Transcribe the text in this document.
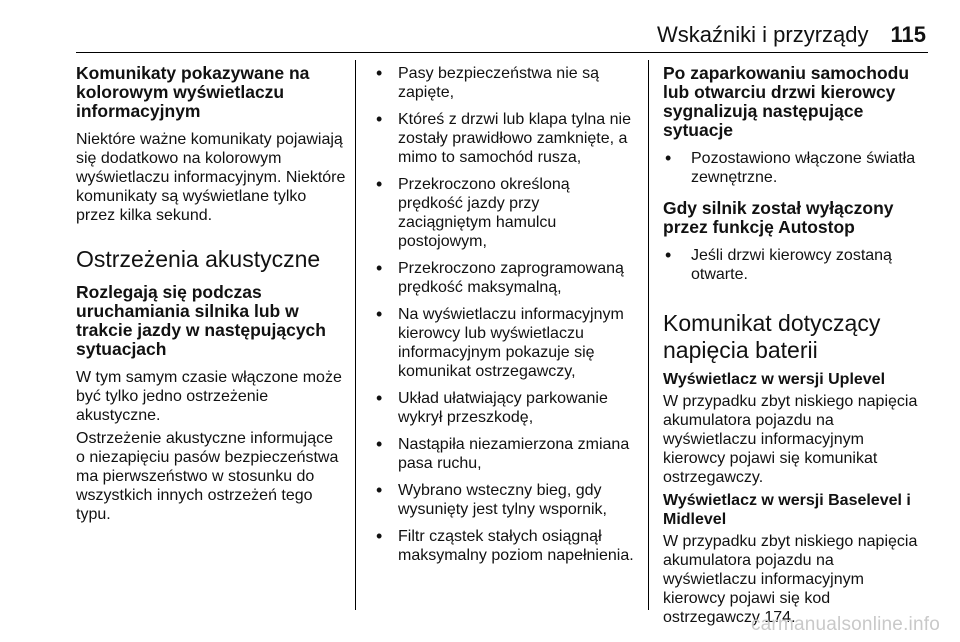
Wskaźniki i przyrządy 115
Komunikaty pokazywane na kolorowym wyświetlaczu informacyjnym

Niektóre ważne komunikaty pojawiają się dodatkowo na kolorowym wyświetlaczu informacyjnym. Niektóre komunikaty są wyświetlane tylko przez kilka sekund.

Ostrzeżenia akustyczne
Rozlegają się podczas uruchamiania silnika lub w trakcie jazdy w następujących sytuacjach

W tym samym czasie włączone może być tylko jedno ostrzeżenie akustyczne.

Ostrzeżenie akustyczne informujące o niezapięciu pasów bezpieczeństwa ma pierwszeństwo w stosunku do wszystkich innych ostrzeżeń tego typu.

• Pasy bezpieczeństwa nie są zapięte,
• Któreś z drzwi lub klapa tylna nie zostały prawidłowo zamknięte, a mimo to samochód rusza,
• Przekroczono określoną prędkość jazdy przy zaciągniętym hamulcu postojowym,
• Przekroczono zaprogramowaną prędkość maksymalną,
• Na wyświetlaczu informacyjnym kierowcy lub wyświetlaczu informacyjnym pokazuje się komunikat ostrzegawczy,
• Układ ułatwiający parkowanie wykrył przeszkodę,
• Nastąpiła niezamierzona zmiana pasa ruchu,
• Wybrano wsteczny bieg, gdy wysunięty jest tylny wspornik,
• Filtr cząstek stałych osiągnął maksymalny poziom napełnienia.
Po zaparkowaniu samochodu lub otwarciu drzwi kierowcy sygnalizują następujące sytuacje
• Pozostawiono włączone światła zewnętrzne.
Gdy silnik został wyłączony przez funkcję Autostop
• Jeśli drzwi kierowcy zostaną otwarte.
Komunikat dotyczący napięcia baterii
Wyświetlacz w wersji Uplevel

W przypadku zbyt niskiego napięcia akumulatora pojazdu na wyświetlaczu informacyjnym kierowcy pojawi się komunikat ostrzegawczy.

Wyświetlacz w wersji Baselevel i Midlevel

W przypadku zbyt niskiego napięcia akumulatora pojazdu na wyświetlaczu informacyjnym kierowcy pojawi się kod ostrzegawczy 174.

carmanualsonline.info
